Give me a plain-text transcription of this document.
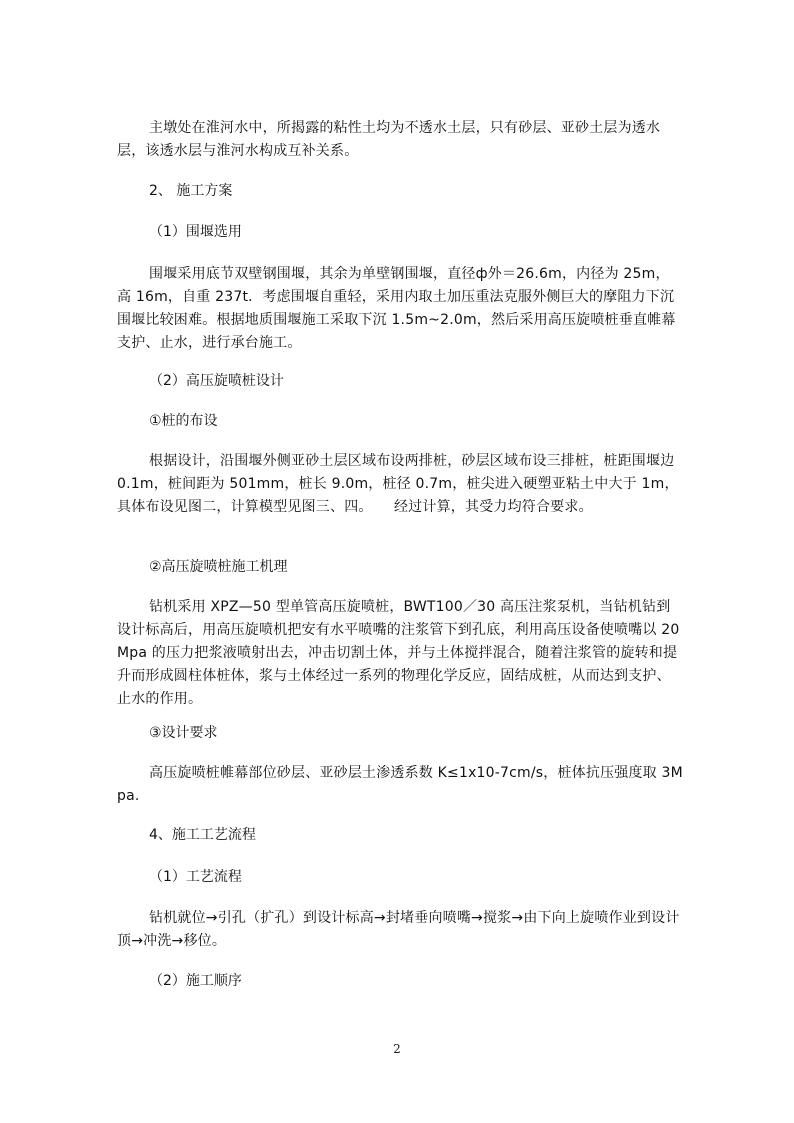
主墩处在淮河水中，所揭露的粘性土均为不透水土层，只有砂层、亚砂土层为透水层，该透水层与淮河水构成互补关系。

2、 施工方案

（1）围堰选用

围堰采用底节双壁钢围堰，其余为单壁钢围堰，直径ф外＝26.6m，内径为 25m，高 16m，自重 237t．考虑围堰自重轻，采用内取土加压重法克服外侧巨大的摩阻力下沉围堰比较困难。根据地质围堰施工采取下沉 1.5m~2.0m，然后采用高压旋喷桩垂直帷幕支护、止水，进行承台施工。

（2）高压旋喷桩设计

①桩的布设

根据设计，沿围堰外侧亚砂土层区域布设两排桩，砂层区域布设三排桩，桩距围堰边 0.1m，桩间距为 501mm，桩长 9.0m，桩径 0.7m，桩尖进入硬塑亚粘土中大于 1m，具体布设见图二，计算模型见图三、四。　　经过计算，其受力均符合要求。

②高压旋喷桩施工机理

钻机采用 XPZ—50 型单管高压旋喷桩，BWT100／30 高压注浆泵机，当钻机钻到设计标高后，用高压旋喷机把安有水平喷嘴的注浆管下到孔底，利用高压设备使喷嘴以 20Mpa 的压力把浆液喷射出去，冲击切割土体，并与土体搅拌混合，随着注浆管的旋转和提升而形成圆柱体桩体，浆与土体经过一系列的物理化学反应，固结成桩，从而达到支护、止水的作用。

③设计要求

高压旋喷桩帷幕部位砂层、亚砂层土渗透系数 K≤1x10-7cm/s，桩体抗压强度取 3Mpa.

4、施工工艺流程

（1）工艺流程

钻机就位→引孔（扩孔）到设计标高→封堵垂向喷嘴→搅浆→由下向上旋喷作业到设计顶→冲洗→移位。

（2）施工顺序

2
